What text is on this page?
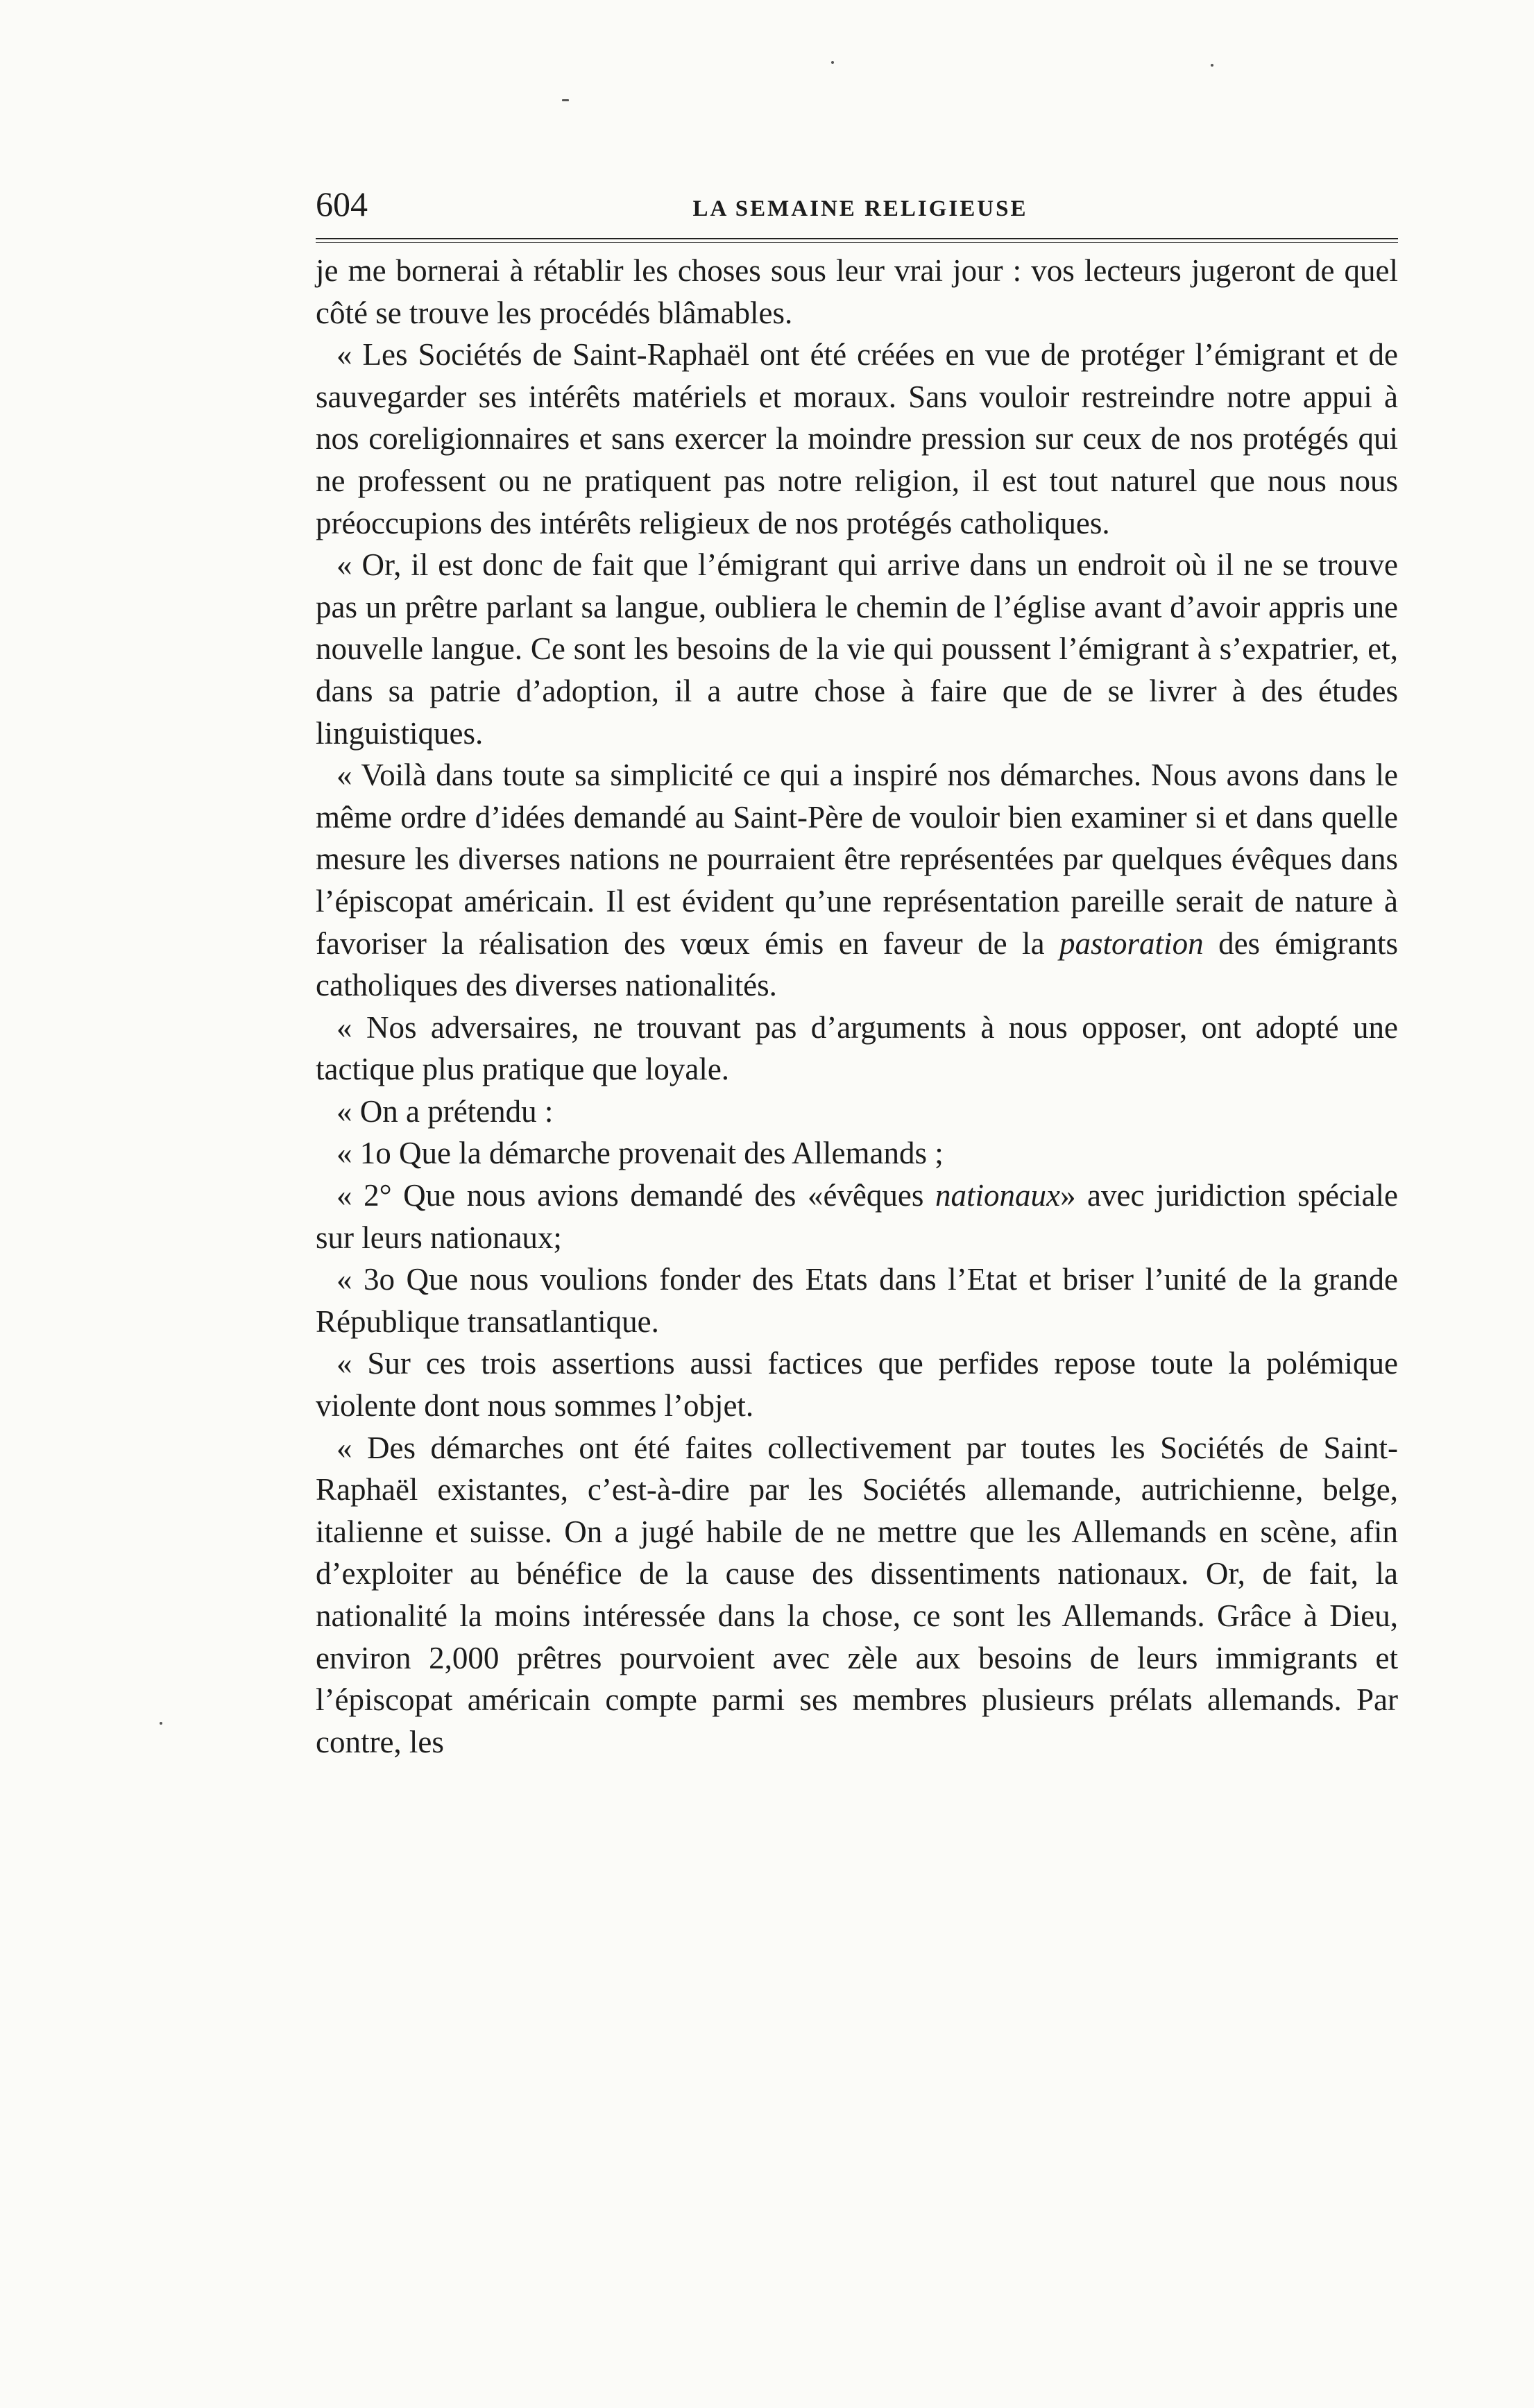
604	LA SEMAINE RELIGIEUSE

je me bornerai à rétablir les choses sous leur vrai jour : vos lecteurs jugeront de quel côté se trouve les procédés blâmables.

« Les Sociétés de Saint-Raphaël ont été créées en vue de protéger l’émigrant et de sauvegarder ses intérêts matériels et moraux. Sans vouloir restreindre notre appui à nos coreligionnaires et sans exercer la moindre pression sur ceux de nos protégés qui ne professent ou ne pratiquent pas notre religion, il est tout naturel que nous nous préoccupions des intérêts religieux de nos protégés catholiques.

« Or, il est donc de fait que l’émigrant qui arrive dans un endroit où il ne se trouve pas un prêtre parlant sa langue, oubliera le chemin de l’église avant d’avoir appris une nouvelle langue. Ce sont les besoins de la vie qui poussent l’émigrant à s’expatrier, et, dans sa patrie d’adoption, il a autre chose à faire que de se livrer à des études linguistiques.

« Voilà dans toute sa simplicité ce qui a inspiré nos démarches. Nous avons dans le même ordre d’idées demandé au Saint-Père de vouloir bien examiner si et dans quelle mesure les diverses nations ne pourraient être représentées par quelques évêques dans l’épiscopat américain. Il est évident qu’une représentation pareille serait de nature à favoriser la réalisation des vœux émis en faveur de la pastoration des émigrants catholiques des diverses nationalités.

« Nos adversaires, ne trouvant pas d’arguments à nous opposer, ont adopté une tactique plus pratique que loyale.

« On a prétendu :

« 1o Que la démarche provenait des Allemands ;

« 2° Que nous avions demandé des «évêques nationaux» avec juridiction spéciale sur leurs nationaux;

« 3o Que nous voulions fonder des Etats dans l’Etat et briser l’unité de la grande République transatlantique.

« Sur ces trois assertions aussi factices que perfides repose toute la polémique violente dont nous sommes l’objet.

« Des démarches ont été faites collectivement par toutes les Sociétés de Saint-Raphaël existantes, c’est-à-dire par les Sociétés allemande, autrichienne, belge, italienne et suisse. On a jugé habile de ne mettre que les Allemands en scène, afin d’exploiter au bénéfice de la cause des dissentiments nationaux. Or, de fait, la nationalité la moins intéressée dans la chose, ce sont les Allemands. Grâce à Dieu, environ 2,000 prêtres pourvoient avec zèle aux besoins de leurs immigrants et l’épiscopat américain compte parmi ses membres plusieurs prélats allemands. Par contre, les
